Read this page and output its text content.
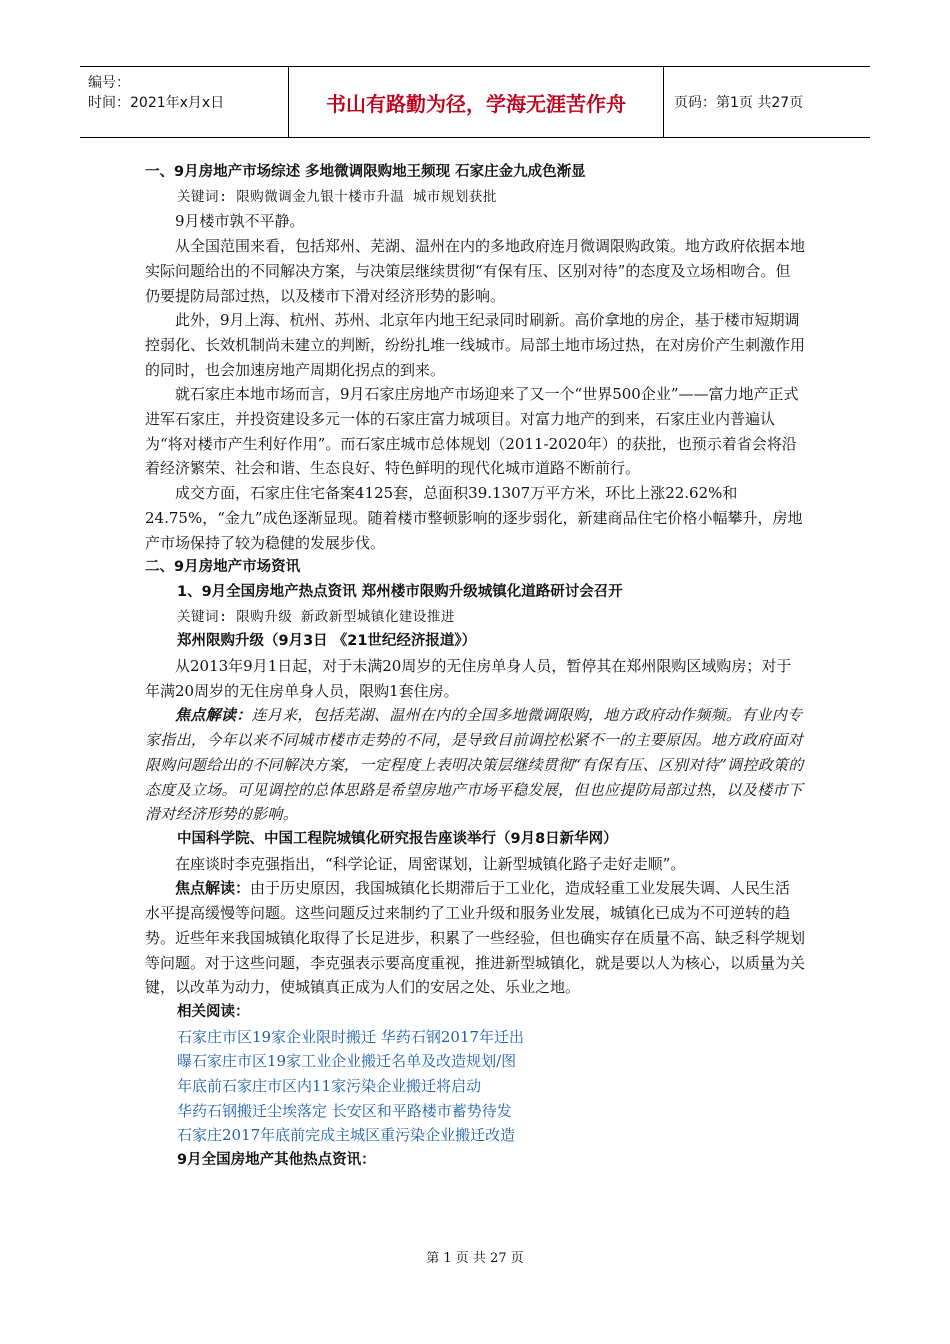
编号：
时间：2021年x月x日	书山有路勤为径，学海无涯苦作舟	页码：第1页 共27页

一、9月房地产市场综述 多地微调限购地王频现 石家庄金九成色渐显

关键词: 限购微调金九银十楼市升温 城市规划获批

9月楼市孰不平静。

从全国范围来看，包括郑州、芜湖、温州在内的多地政府连月微调限购政策。地方政府依据本地实际问题给出的不同解决方案，与决策层继续贯彻“有保有压、区别对待”的态度及立场相吻合。但仍要提防局部过热，以及楼市下滑对经济形势的影响。

此外，9月上海、杭州、苏州、北京年内地王纪录同时刷新。高价拿地的房企，基于楼市短期调控弱化、长效机制尚未建立的判断，纷纷扎堆一线城市。局部土地市场过热，在对房价产生刺激作用的同时，也会加速房地产周期化拐点的到来。

就石家庄本地市场而言，9月石家庄房地产市场迎来了又一个“世界500企业”——富力地产正式进军石家庄，并投资建设多元一体的石家庄富力城项目。对富力地产的到来，石家庄业内普遍认为“将对楼市产生利好作用”。而石家庄城市总体规划（2011-2020年）的获批，也预示着省会将沿着经济繁荣、社会和谐、生态良好、特色鲜明的现代化城市道路不断前行。

成交方面，石家庄住宅备案4125套，总面积39.1307万平方米，环比上涨22.62%和24.75%，“金九”成色逐渐显现。随着楼市整顿影响的逐步弱化，新建商品住宅价格小幅攀升，房地产市场保持了较为稳健的发展步伐。

二、9月房地产市场资讯

1、9月全国房地产热点资讯 郑州楼市限购升级城镇化道路研讨会召开

关键词: 限购升级 新政新型城镇化建设推进

郑州限购升级（9月3日 《21世纪经济报道》）

从2013年9月1日起，对于未满20周岁的无住房单身人员，暂停其在郑州限购区域购房；对于年满20周岁的无住房单身人员，限购1套住房。

焦点解读：连月来，包括芜湖、温州在内的全国多地微调限购，地方政府动作频频。有业内专家指出，今年以来不同城市楼市走势的不同，是导致目前调控松紧不一的主要原因。地方政府面对限购问题给出的不同解决方案，一定程度上表明决策层继续贯彻“有保有压、区别对待”调控政策的态度及立场。可见调控的总体思路是希望房地产市场平稳发展，但也应提防局部过热，以及楼市下滑对经济形势的影响。

中国科学院、中国工程院城镇化研究报告座谈举行（9月8日新华网）

在座谈时李克强指出，“科学论证，周密谋划，让新型城镇化路子走好走顺”。

焦点解读：由于历史原因，我国城镇化长期滞后于工业化，造成轻重工业发展失调、人民生活水平提高缓慢等问题。这些问题反过来制约了工业升级和服务业发展，城镇化已成为不可逆转的趋势。近些年来我国城镇化取得了长足进步，积累了一些经验，但也确实存在质量不高、缺乏科学规划等问题。对于这些问题，李克强表示要高度重视，推进新型城镇化，就是要以人为核心，以质量为关键，以改革为动力，使城镇真正成为人们的安居之处、乐业之地。

相关阅读：

石家庄市区19家企业限时搬迁 华药石钢2017年迁出

曝石家庄市区19家工业企业搬迁名单及改造规划/图

年底前石家庄市区内11家污染企业搬迁将启动

华药石钢搬迁尘埃落定 长安区和平路楼市蓄势待发

石家庄2017年底前完成主城区重污染企业搬迁改造

9月全国房地产其他热点资讯：

第 1 页 共 27 页
